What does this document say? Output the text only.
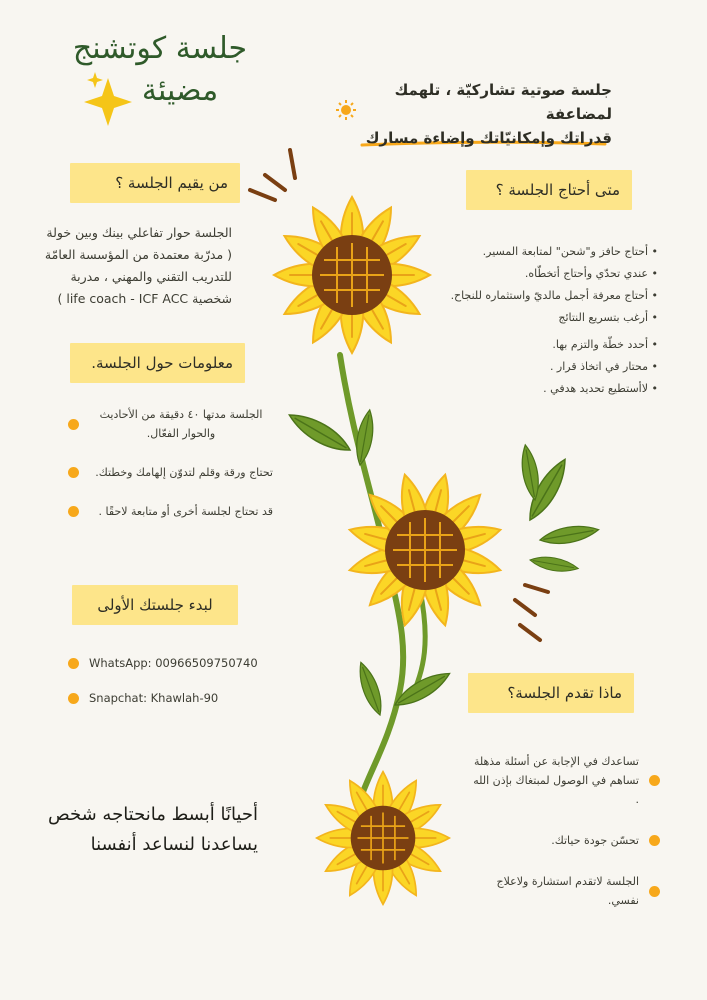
جلسة كوتشنج
مضيئة	جلسة صوتية تشاركيّة ، تلهمك لمضاعفة
قدراتك وإمكانيّاتك وإضاءة مسارك
من يقيم الجلسة ؟
الجلسة حوار تفاعلي بينك وبين خولة
( مدرّبة معتمدة من المؤسسة العامّة
للتدريب التقني والمهني ، مدربة
شخصية life coach - ICF ACC )
متى أحتاج الجلسة ؟
• أحتاج حافز و"شحن" لمتابعة المسير.
• عندي تحدّي وأحتاج أتخطّاه.
• أحتاج معرفة أجمل مالديّ واستثماره للنجاح.
• أرغب بتسريع النتائج
• أحدد خطّة والتزم بها.
• محتار في اتخاذ قرار .
• لاأستطيع تحديد هدفي .
معلومات حول الجلسة.
الجلسة مدتها ٤٠ دقيقة من الأحاديث
والحوار الفعّال.
تحتاج ورقة وقلم لتدوّن إلهامك وخطتك.
قد تحتاج لجلسة أخرى أو متابعة لاحقًا .
لبدء جلستك الأولى
WhatsApp: 00966509750740
Snapchat: Khawlah-90	ماذا تقدم الجلسة؟
تساعدك في الإجابة عن أسئلة مذهلة
تساهم في الوصول لمبتغاك بإذن الله .
تحسّن جودة حياتك.
الجلسة لاتقدم استشارة ولاعلاج نفسي.
أحيانًا أبسط مانحتاجه شخص
يساعدنا لنساعد أنفسنا
